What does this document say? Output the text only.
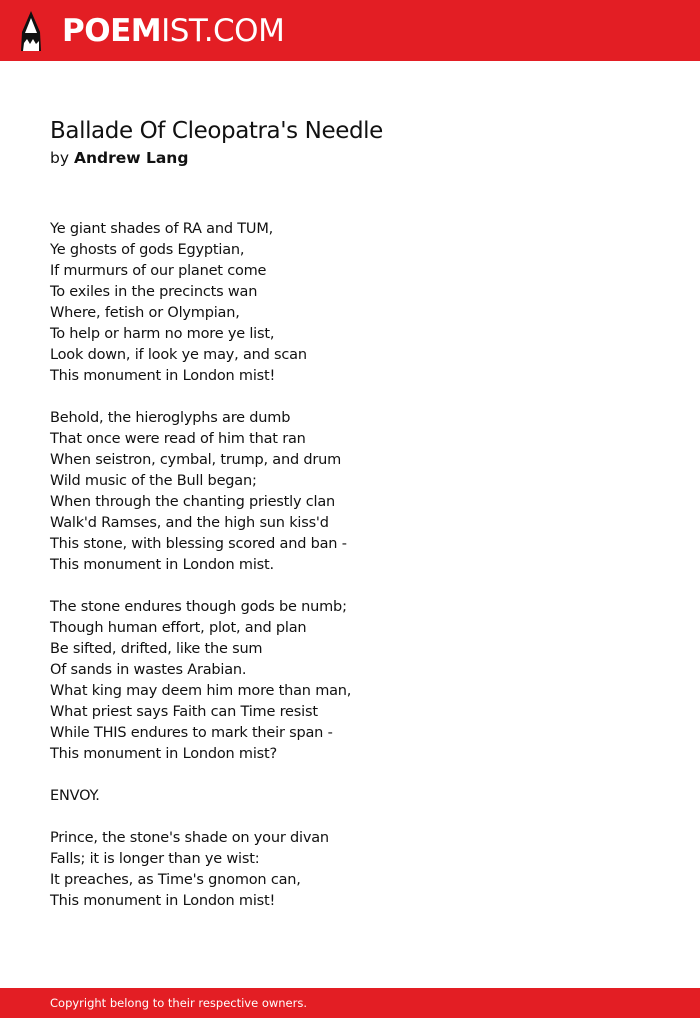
POEMIST.COM
Ballade Of Cleopatra's Needle
by Andrew Lang
Ye giant shades of RA and TUM,
Ye ghosts of gods Egyptian,
If murmurs of our planet come
To exiles in the precincts wan
Where, fetish or Olympian,
To help or harm no more ye list,
Look down, if look ye may, and scan
This monument in London mist!
Behold, the hieroglyphs are dumb
That once were read of him that ran
When seistron, cymbal, trump, and drum
Wild music of the Bull began;
When through the chanting priestly clan
Walk'd Ramses, and the high sun kiss'd
This stone, with blessing scored and ban -
This monument in London mist.
The stone endures though gods be numb;
Though human effort, plot, and plan
Be sifted, drifted, like the sum
Of sands in wastes Arabian.
What king may deem him more than man,
What priest says Faith can Time resist
While THIS endures to mark their span -
This monument in London mist?
ENVOY.
Prince, the stone's shade on your divan
Falls; it is longer than ye wist:
It preaches, as Time's gnomon can,
This monument in London mist!
Copyright belong to their respective owners.
